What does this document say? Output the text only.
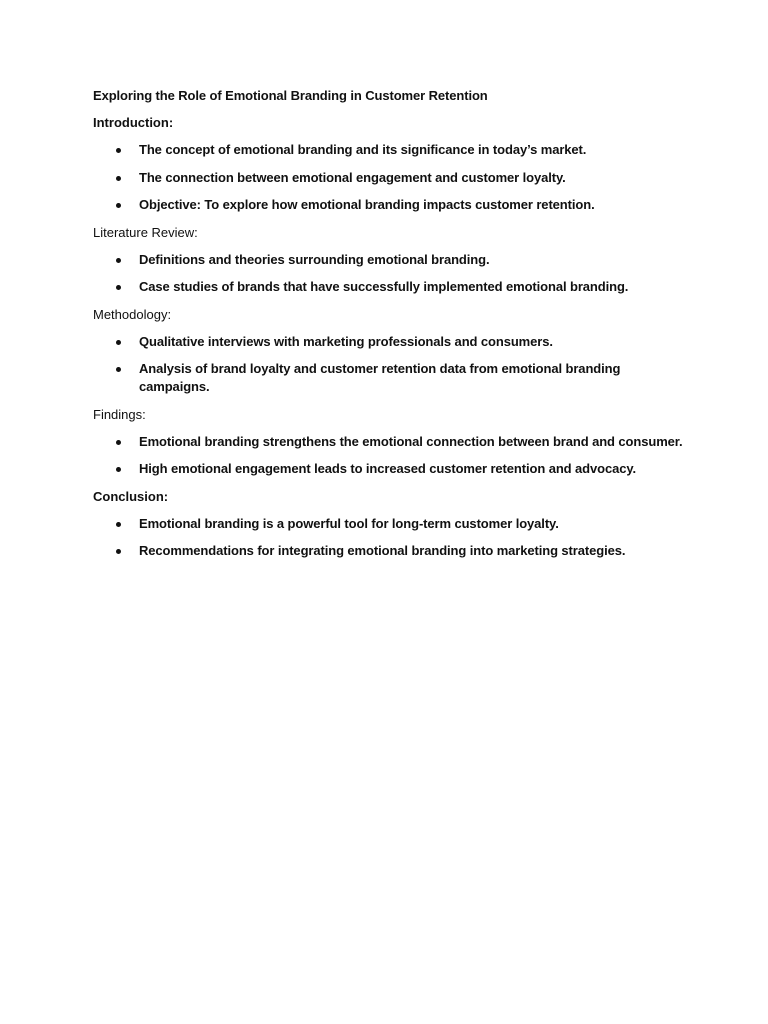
Exploring the Role of Emotional Branding in Customer Retention
Introduction:
The concept of emotional branding and its significance in today’s market.
The connection between emotional engagement and customer loyalty.
Objective: To explore how emotional branding impacts customer retention.
Literature Review:
Definitions and theories surrounding emotional branding.
Case studies of brands that have successfully implemented emotional branding.
Methodology:
Qualitative interviews with marketing professionals and consumers.
Analysis of brand loyalty and customer retention data from emotional branding campaigns.
Findings:
Emotional branding strengthens the emotional connection between brand and consumer.
High emotional engagement leads to increased customer retention and advocacy.
Conclusion:
Emotional branding is a powerful tool for long-term customer loyalty.
Recommendations for integrating emotional branding into marketing strategies.
